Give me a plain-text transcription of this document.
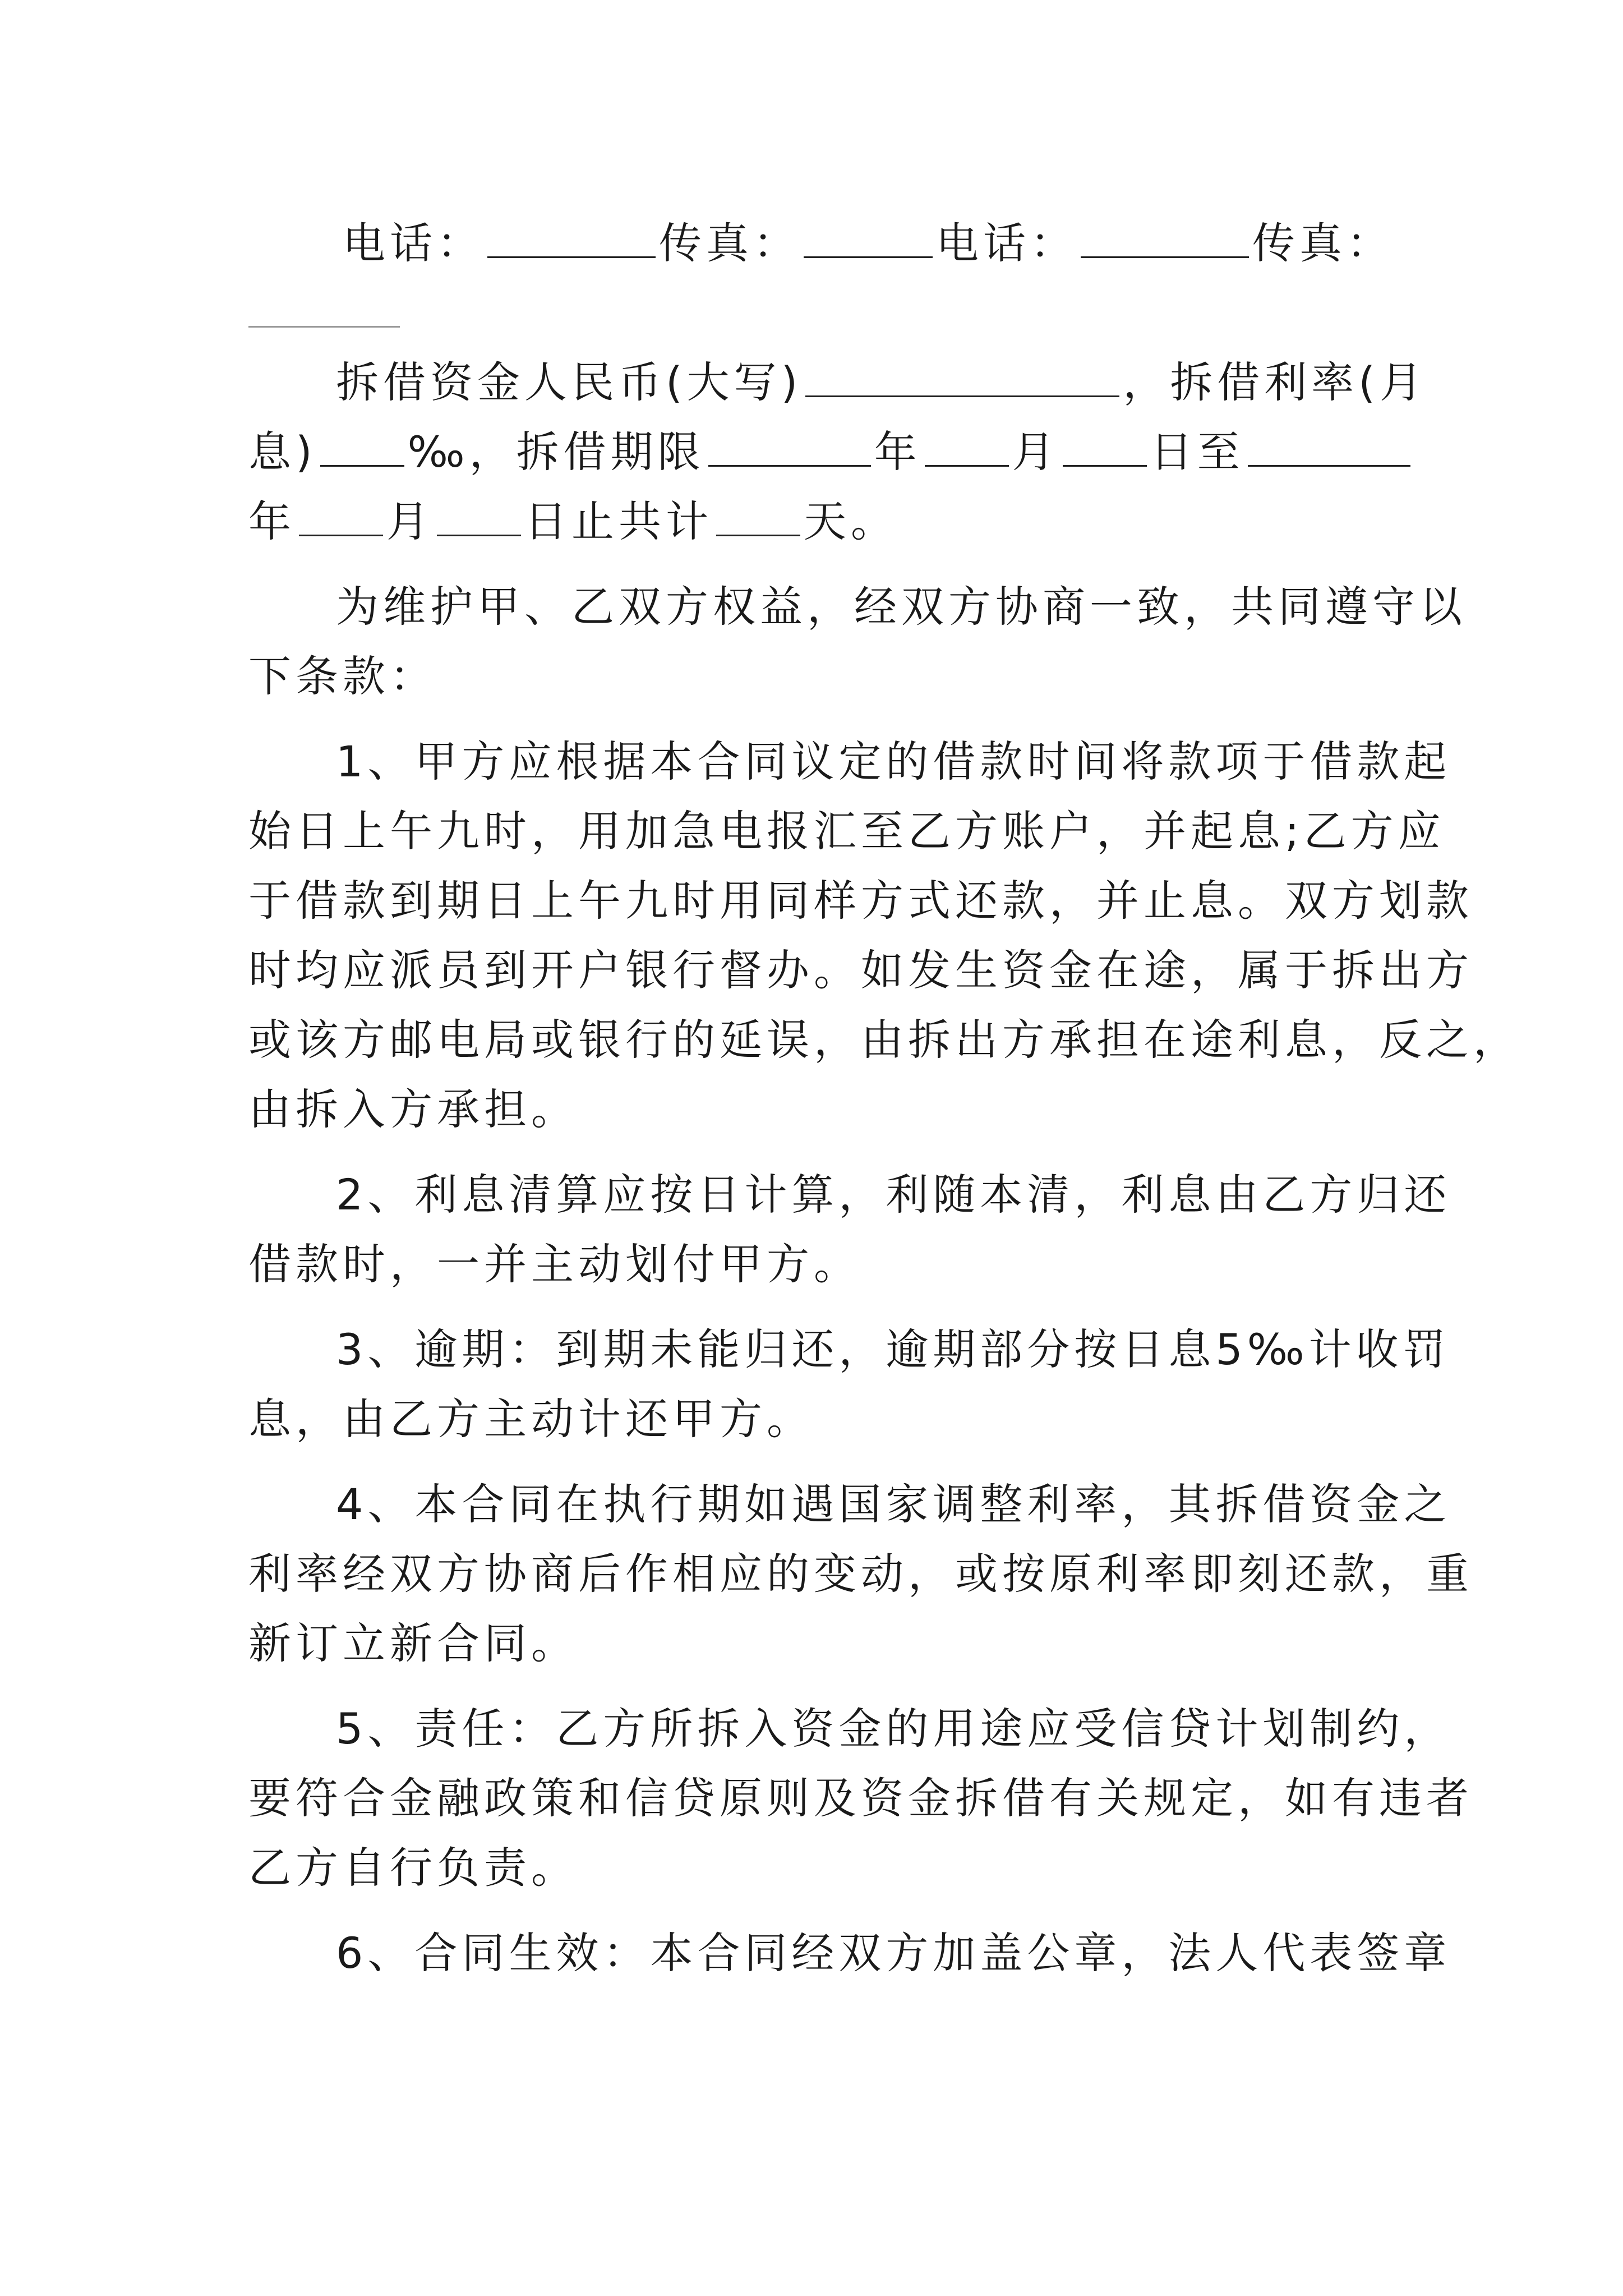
电话：	传真：	电话：	传真：
拆借资金人民币(大写)	，拆借利率(月
息) ‰，拆借期限	年 月 日至
年 月 日止共计 天。
为维护甲、乙双方权益，经双方协商一致，共同遵守以
下条款：
1、甲方应根据本合同议定的借款时间将款项于借款起
始日上午九时，用加急电报汇至乙方账户，并起息;乙方应
于借款到期日上午九时用同样方式还款，并止息。双方划款
时均应派员到开户银行督办。如发生资金在途，属于拆出方
或该方邮电局或银行的延误，由拆出方承担在途利息，反之，
由拆入方承担。
2、利息清算应按日计算，利随本清，利息由乙方归还
借款时，一并主动划付甲方。
3、逾期：到期未能归还，逾期部分按日息5‰计收罚
息，由乙方主动计还甲方。
4、本合同在执行期如遇国家调整利率，其拆借资金之
利率经双方协商后作相应的变动，或按原利率即刻还款，重
新订立新合同。
5、责任：乙方所拆入资金的用途应受信贷计划制约，
要符合金融政策和信贷原则及资金拆借有关规定，如有违者
乙方自行负责。
6、合同生效：本合同经双方加盖公章，法人代表签章
